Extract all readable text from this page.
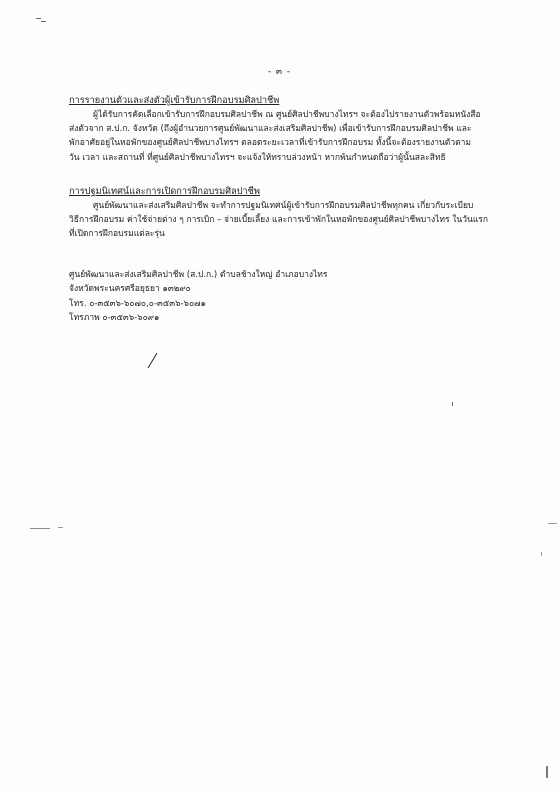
- ๓ -
การรายงานตัวและส่งตัวผู้เข้ารับการฝึกอบรมศิลปาชีพ
ผู้ได้รับการคัดเลือกเข้ารับการฝึกอบรมศิลปาชีพ ณ ศูนย์ศิลปาชีพบางไทรฯ จะต้องไปรายงานตัวพร้อมหนังสือ
ส่งตัวจาก ส.ป.ก. จังหวัด (ถึงผู้อำนวยการศูนย์พัฒนาและส่งเสริมศิลปาชีพ) เพื่อเข้ารับการฝึกอบรมศิลปาชีพ และ
พักอาศัยอยู่ในหอพักของศูนย์ศิลปาชีพบางไทรฯ ตลอดระยะเวลาที่เข้ารับการฝึกอบรม ทั้งนี้จะต้องรายงานตัวตาม
วัน เวลา และสถานที่ ที่ศูนย์ศิลปาชีพบางไทรฯ จะแจ้งให้ทราบล่วงหน้า หากพ้นกำหนดถือว่าผู้นั้นสละสิทธิ
การปฐมนิเทศน์และการเปิดการฝึกอบรมศิลปาชีพ
ศูนย์พัฒนาและส่งเสริมศิลปาชีพ จะทำการปฐมนิเทศน์ผู้เข้ารับการฝึกอบรมศิลปาชีพทุกคน เกี่ยวกับระเบียบ
วิธีการฝึกอบรม ค่าใช้จ่ายต่าง ๆ การเบิก – จ่ายเบี้ยเลี้ยง และการเข้าพักในหอพักของศูนย์ศิลปาชีพบางไทร ในวันแรก
ที่เปิดการฝึกอบรมแต่ละรุ่น
ศูนย์พัฒนาและส่งเสริมศิลปาชีพ (ส.ป.ก.) ตำบลช้างใหญ่ อำเภอบางไทร
จังหวัดพระนครศรีอยุธยา ๑๓๒๙๐
โทร. ๐-๓๕๓๖-๖๐๗๐,๐-๓๕๓๖-๖๐๗๑
โทรภาพ ๐-๓๕๓๖-๖๐๙๑
